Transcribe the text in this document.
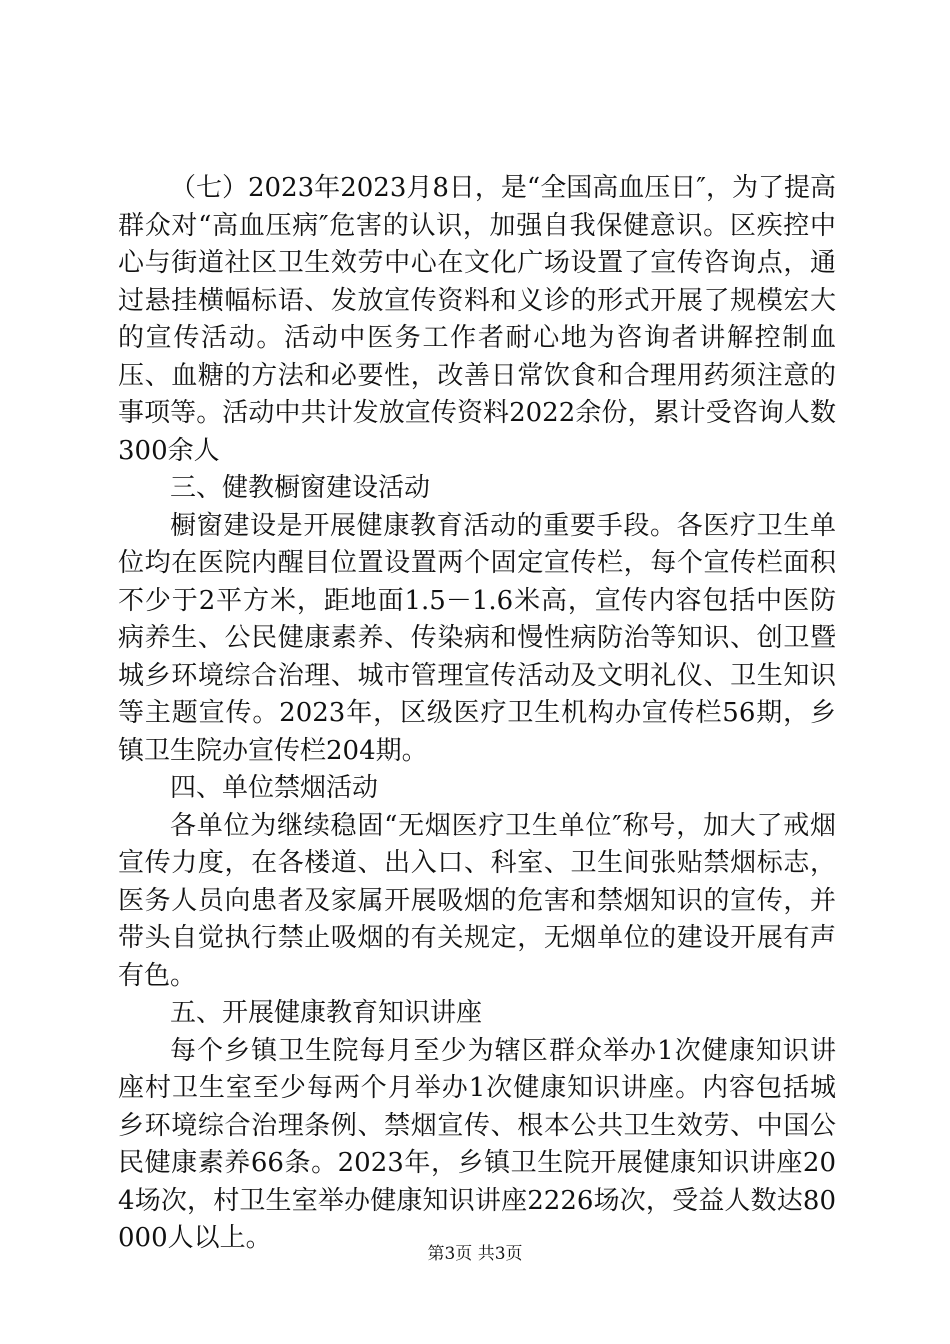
（七）2023年2023月8日，是“全国高血压日″，为了提高群众对“高血压病″危害的认识，加强自我保健意识。区疾控中心与街道社区卫生效劳中心在文化广场设置了宣传咨询点，通过悬挂横幅标语、发放宣传资料和义诊的形式开展了规模宏大的宣传活动。活动中医务工作者耐心地为咨询者讲解控制血压、血糖的方法和必要性，改善日常饮食和合理用药须注意的事项等。活动中共计发放宣传资料2022余份，累计受咨询人数300余人

三、健教橱窗建设活动

橱窗建设是开展健康教育活动的重要手段。各医疗卫生单位均在医院内醒目位置设置两个固定宣传栏，每个宣传栏面积不少于2平方米，距地面1.5－1.6米高，宣传内容包括中医防病养生、公民健康素养、传染病和慢性病防治等知识、创卫暨城乡环境综合治理、城市管理宣传活动及文明礼仪、卫生知识等主题宣传。2023年，区级医疗卫生机构办宣传栏56期，乡镇卫生院办宣传栏204期。

四、单位禁烟活动

各单位为继续稳固“无烟医疗卫生单位″称号，加大了戒烟宣传力度，在各楼道、出入口、科室、卫生间张贴禁烟标志，医务人员向患者及家属开展吸烟的危害和禁烟知识的宣传，并带头自觉执行禁止吸烟的有关规定，无烟单位的建设开展有声有色。

五、开展健康教育知识讲座

每个乡镇卫生院每月至少为辖区群众举办1次健康知识讲座村卫生室至少每两个月举办1次健康知识讲座。内容包括城乡环境综合治理条例、禁烟宣传、根本公共卫生效劳、中国公民健康素养66条。2023年，乡镇卫生院开展健康知识讲座204场次，村卫生室举办健康知识讲座2226场次，受益人数达80000人以上。

第3页 共3页
